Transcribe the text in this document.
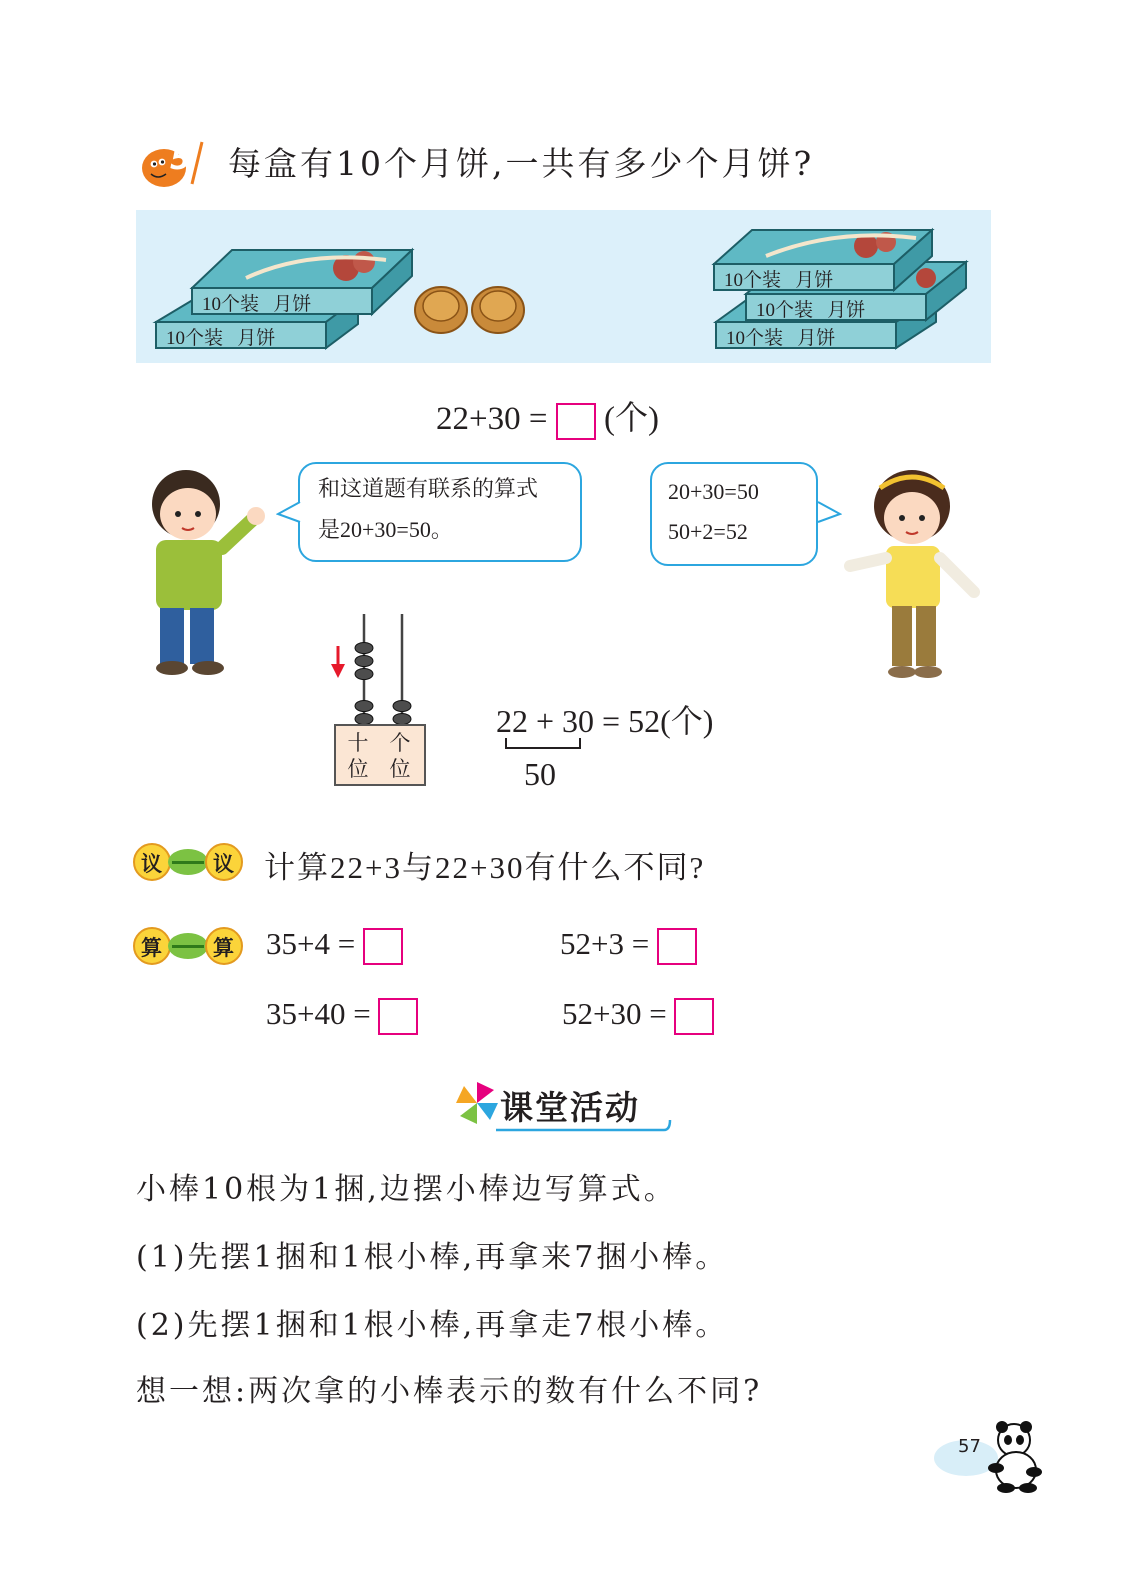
5 每盒有10个月饼,一共有多少个月饼?
10个装 月饼
10个装 月饼
10个装 月饼
10个装 月饼
10个装 月饼
22+30 = (个)
和这道题有联系的算式
是20+30=50。
20+30=50
50+2=52
十
位
个
位
22 + 30 = 52(个)
50
议 议 计算22+3与22+30有什么不同?
算 算 35+4 =	52+3 =
35+40 =	52+30 =
课堂活动
小棒10根为1捆,边摆小棒边写算式。
(1)先摆1捆和1根小棒,再拿来7捆小棒。
(2)先摆1捆和1根小棒,再拿走7根小棒。
想一想:两次拿的小棒表示的数有什么不同?
57
